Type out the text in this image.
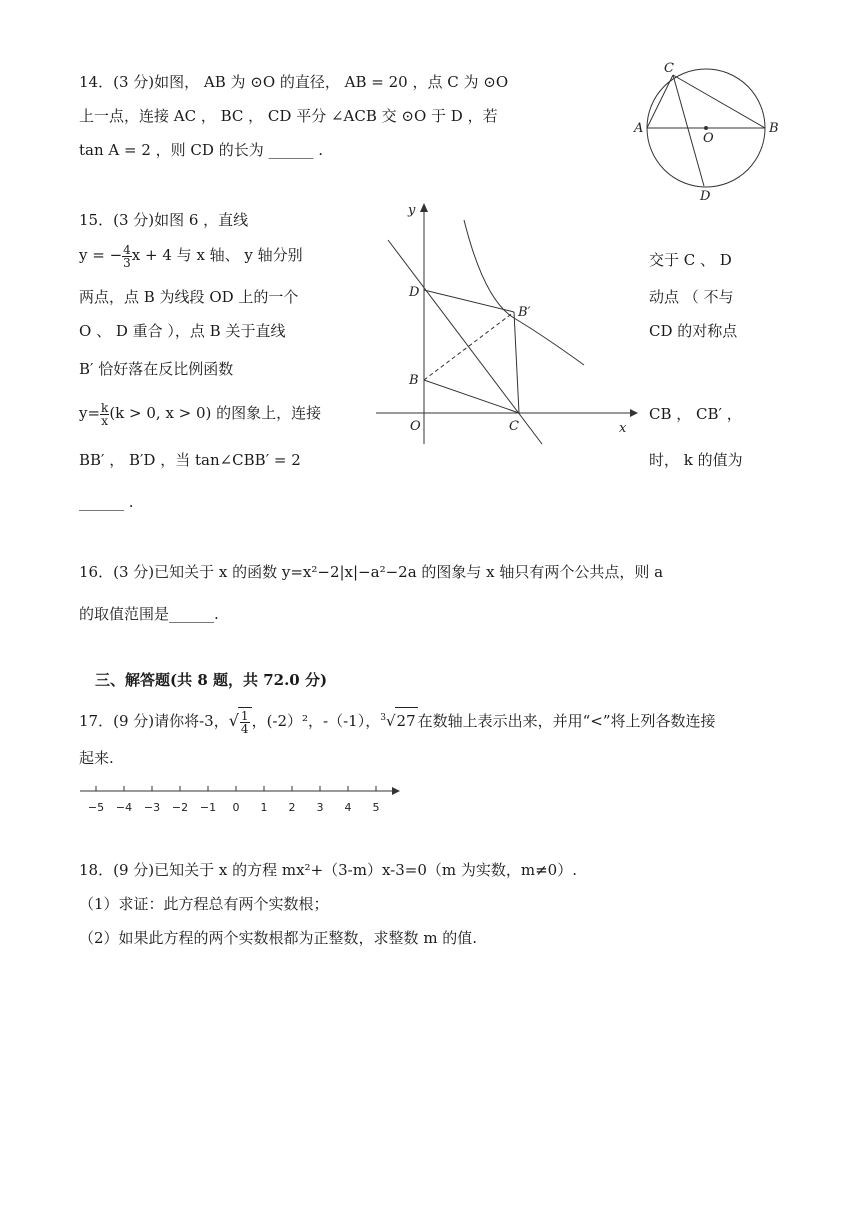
14．(3 分)如图， AB 为 ⊙O 的直径， AB = 20 ，点 C 为 ⊙O
上一点，连接 AC ， BC ， CD 平分 ∠ACB 交 ⊙O 于 D ，若
tan A = 2 ，则 CD 的长为 ______ .
C
A
O
B
D
15．(3 分)如图 6 ，直线
y = − $\frac{4}{3}$ x + 4 与 x 轴、 y 轴分别
两点，点 B 为线段 OD 上的一个
O 、 D 重合 ），点 B 关于直线
B′ 恰好落在反比例函数
$y= \frac{k}{x} (k > 0$, x > 0) 的图象上，连接
BB′ ， B′D ，当 tan∠CBB′ = 2
______ .
交于 C 、 D
动点 （ 不与
CD 的对称点
CB ， CB′ ，
时， k 的值为
y
x
O	C
D
B
B′
16．(3 分)已知关于 x 的函数 y=x²−2|x|−a²−2a 的图象与 x 轴只有两个公共点，则 a
的取值范围是______.
三、解答题(共 8 题，共 72.0 分)
17．(9 分)请你将-3，√ $\frac{1}{4}$ ，(-2）²，-（-1），$^3$√27 在数轴上表示出来，并用“<”将上列各数连接
起来.
−5 −4 −3 −2 −1 0 1 2 3 4 5
18．(9 分)已知关于 x 的方程 mx²+（3-m）x-3=0（m 为实数，m≠0）.
（1）求证：此方程总有两个实数根；
（2）如果此方程的两个实数根都为正整数，求整数 m 的值.
